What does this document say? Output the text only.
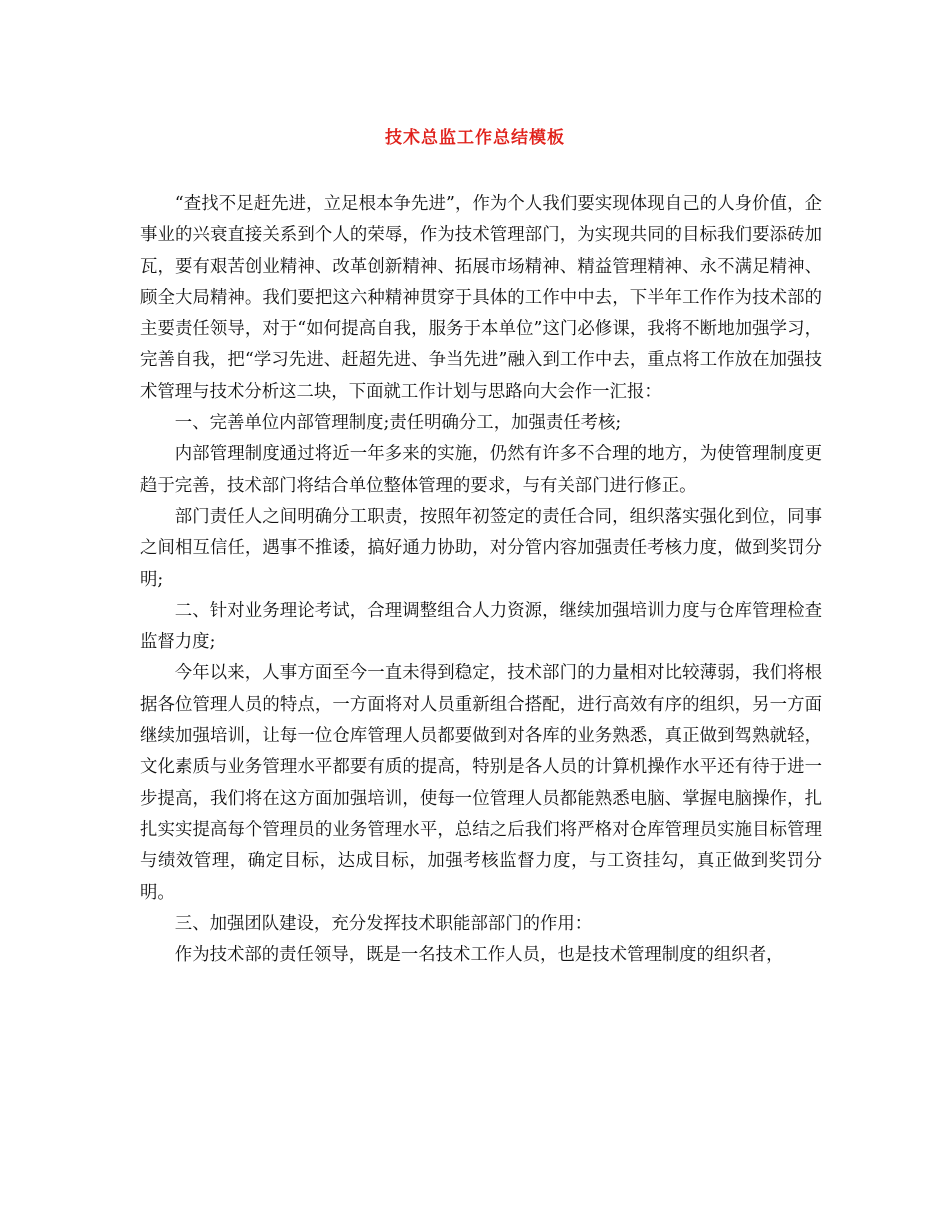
技术总监工作总结模板

“查找不足赶先进，立足根本争先进”，作为个人我们要实现体现自己的人身价值，企事业的兴衰直接关系到个人的荣辱，作为技术管理部门，为实现共同的目标我们要添砖加瓦，要有艰苦创业精神、改革创新精神、拓展市场精神、精益管理精神、永不满足精神、顾全大局精神。我们要把这六种精神贯穿于具体的工作中中去，下半年工作作为技术部的主要责任领导，对于“如何提高自我，服务于本单位”这门必修课，我将不断地加强学习，完善自我，把“学习先进、赶超先进、争当先进”融入到工作中去，重点将工作放在加强技术管理与技术分析这二块，下面就工作计划与思路向大会作一汇报：

一、完善单位内部管理制度;责任明确分工，加强责任考核;

内部管理制度通过将近一年多来的实施，仍然有许多不合理的地方，为使管理制度更趋于完善，技术部门将结合单位整体管理的要求，与有关部门进行修正。

部门责任人之间明确分工职责，按照年初签定的责任合同，组织落实强化到位，同事之间相互信任，遇事不推诿，搞好通力协助，对分管内容加强责任考核力度，做到奖罚分明;

二、针对业务理论考试，合理调整组合人力资源，继续加强培训力度与仓库管理检查监督力度;

今年以来，人事方面至今一直未得到稳定，技术部门的力量相对比较薄弱，我们将根据各位管理人员的特点，一方面将对人员重新组合搭配，进行高效有序的组织，另一方面继续加强培训，让每一位仓库管理人员都要做到对各库的业务熟悉，真正做到驾熟就轻，文化素质与业务管理水平都要有质的提高，特别是各人员的计算机操作水平还有待于进一步提高，我们将在这方面加强培训，使每一位管理人员都能熟悉电脑、掌握电脑操作，扎扎实实提高每个管理员的业务管理水平，总结之后我们将严格对仓库管理员实施目标管理与绩效管理，确定目标，达成目标，加强考核监督力度，与工资挂勾，真正做到奖罚分明。

三、加强团队建设，充分发挥技术职能部部门的作用：

作为技术部的责任领导，既是一名技术工作人员，也是技术管理制度的组织者，
